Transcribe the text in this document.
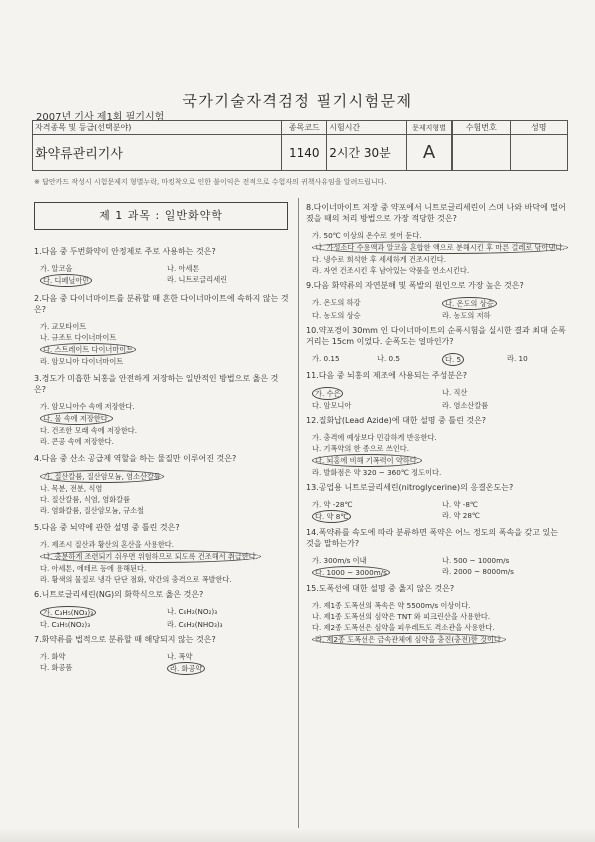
국가기술자격검정 필기시험문제
2007년 기사 제1회 필기시험
자격종목 및 등급(선택분야)	종목코드	시험시간	문제지형별
화약류관리기사	1140	2시간 30분	A
수험번호	성명

※ 답안카드 작성시 시험문제지 형별누락, 마킹착오로 인한 불이익은 전적으로 수험자의 귀책사유임을 알려드립니다.
제 1 과목 : 일반화약학
1.다음 중 두번화약이 안정제로 주로 사용하는 것은?
가. 알코올	나. 아세톤
다. 디페닐아민	라. 니트로글리세린
2.다음 중 다이너마이트를 분류할 때 흔한 다이너마이트에 속하지 않는 것은?
가. 교모타이트
나. 규조토 다이너마이트
다. 스트레이트 다이너마이트
라. 암모니아 다이너마이트
3.경도가 미흡한 뇌홍을 안전하게 저장하는 일반적인 방법으로 옳은 것은?
가. 암모니아수 속에 저장한다.
나. 물 속에 저장한다.
다. 건조한 모래 속에 저장한다.
라. 콘공 속에 저장한다.
4.다음 중 산소 공급제 역할을 하는 물질만 이루어진 것은?
가. 질산칼륨, 질산암모늄, 염소산칼륨
나. 목분, 전분, 식염
다. 질산칼륨, 식염, 염화칼륨
라. 염화칼륨, 질산암모늄, 규소철
5.다음 중 뇌약에 관한 설명 중 틀린 것은?
가. 제조시 질산과 황산의 혼산을 사용한다.
나. 충분하게 조련되기 쉬우면 위험하므로 되도록 건조해서 취급한다.
다. 아세톤, 에테르 등에 용해된다.
라. 황색의 물질로 냉각 단단 점화, 약간의 충격으로 폭발한다.
6.니트로글리세린(NG)의 화학식으로 옳은 것은?
가. C₃H₅(NO₃)₃	나. C₆H₂(NO₂)₃
다. C₃H₅(NO₂)₃	라. C₆H₂(NHO₃)₃
7.화약류를 법적으로 분류할 때 해당되지 않는 것은?
가. 화약	나. 폭약
다. 화공품	라. 화공약
8.다이너마이트 저장 중 약포에서 니트로글리세린이 스며 나와 바닥에 떨어졌을 때의 처리 방법으로 가장 적당한 것은?
가. 50℃ 이상의 온수로 씻어 둔다.
나. 가성소다 수용액과 알코올 혼합한 액으로 분해시킨 후 마른 걸레로 닦아낸다.
다. 냉수로 희석한 후 세세하게 건조시킨다.
라. 자연 건조시킨 후 남아있는 약품을 연소시킨다.
9.다음 화약류의 자연분해 및 폭발의 원인으로 가장 높은 것은?
가. 온도의 하강	나. 온도의 상승
다. 농도의 상승	라. 농도의 저하
10.약포경이 30mm 인 다이너마이트의 순폭시험을 실시한 결과 최대 순폭거리는 15cm 이었다. 순폭도는 얼마인가?
가. 0.15	나. 0.5	다. 5	라. 10
11.다음 중 뇌홍의 제조에 사용되는 주성분은?
가. 수은	나. 직산
다. 암모니아	라. 염소산칼륨
12.질화납(Lead Azide)에 대한 설명 중 틀린 것은?
가. 충격에 예상보다 민감하게 반응한다.
나. 기폭약의 한 종으로 쓰인다.
다. 뇌홍에 비해 기폭력이 약하다.
라. 발화점은 약 320 ~ 360℃ 정도이다.
13.공업용 니트로글리세린(nitroglycerine)의 응결온도는?
가. 약 -28℃	나. 약 -8℃
다. 약 8℃	라. 약 28℃
14.폭약류를 속도에 따라 분류하면 폭약은 어느 정도의 폭속을 갖고 있는 것을 말하는가?
가. 300m/s 이내	나. 500 ~ 1000m/s
다. 1000 ~ 3000m/s	라. 2000 ~ 8000m/s
15.도폭선에 대한 설명 중 옳지 않은 것은?
가. 제1종 도폭선의 폭속은 약 5500m/s 이상이다.
나. 제1종 도폭선의 심약은 TNT 와 피크린산을 사용한다.
다. 제2종 도폭선은 심약을 피우레트도 격소관을 사용한다.
라. 제2종 도폭선은 금속관체에 심약을 충진(충전)한 것이다.
